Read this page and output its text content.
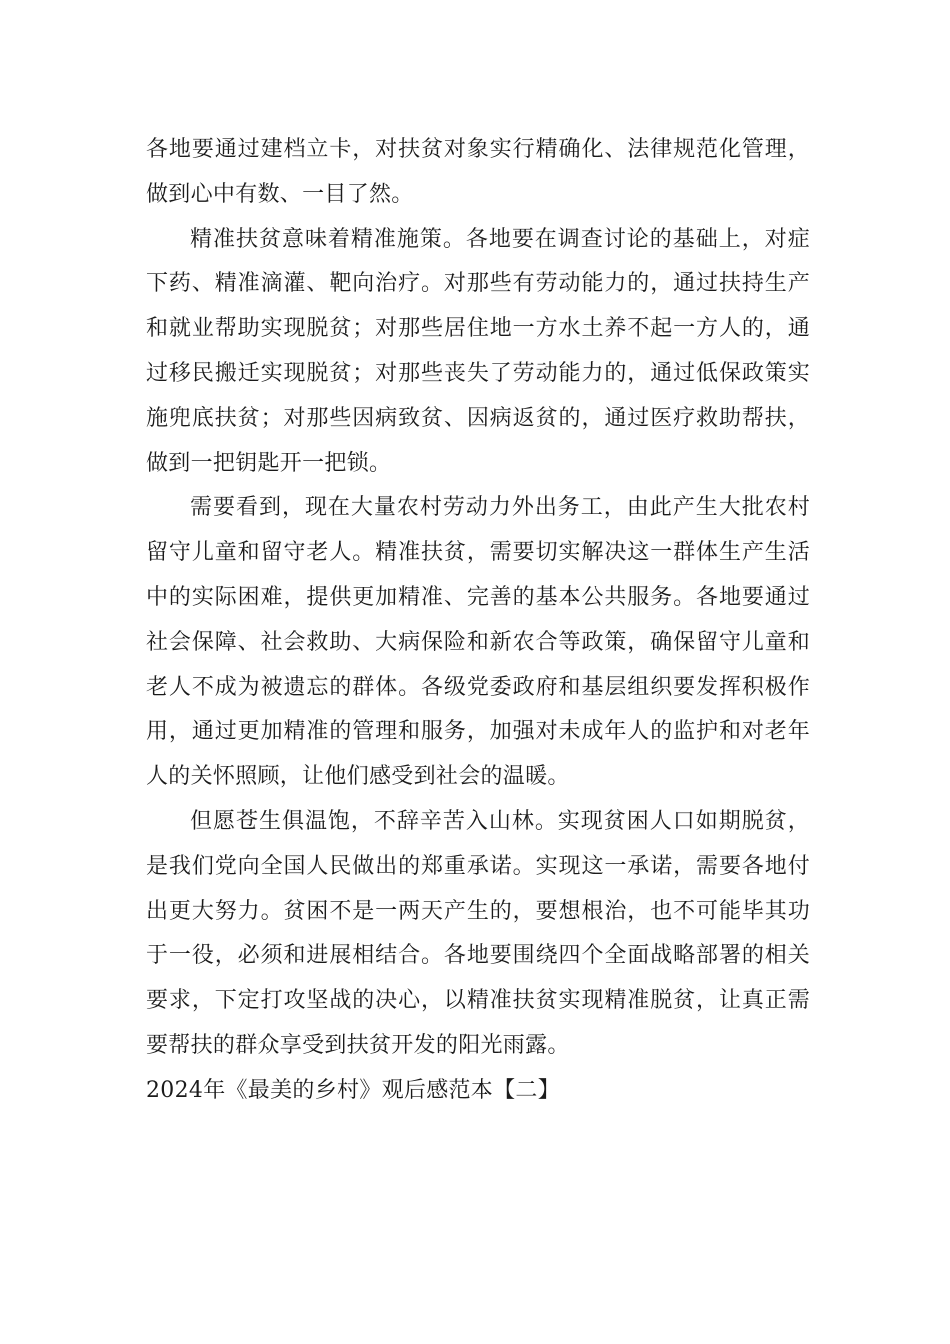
各地要通过建档立卡，对扶贫对象实行精确化、法律规范化管理，做到心中有数、一目了然。

精准扶贫意味着精准施策。各地要在调查讨论的基础上，对症下药、精准滴灌、靶向治疗。对那些有劳动能力的，通过扶持生产和就业帮助实现脱贫；对那些居住地一方水土养不起一方人的，通过移民搬迁实现脱贫；对那些丧失了劳动能力的，通过低保政策实施兜底扶贫；对那些因病致贫、因病返贫的，通过医疗救助帮扶，做到一把钥匙开一把锁。

需要看到，现在大量农村劳动力外出务工，由此产生大批农村留守儿童和留守老人。精准扶贫，需要切实解决这一群体生产生活中的实际困难，提供更加精准、完善的基本公共服务。各地要通过社会保障、社会救助、大病保险和新农合等政策，确保留守儿童和老人不成为被遗忘的群体。各级党委政府和基层组织要发挥积极作用，通过更加精准的管理和服务，加强对未成年人的监护和对老年人的关怀照顾，让他们感受到社会的温暖。

但愿苍生俱温饱，不辞辛苦入山林。实现贫困人口如期脱贫，是我们党向全国人民做出的郑重承诺。实现这一承诺，需要各地付出更大努力。贫困不是一两天产生的，要想根治，也不可能毕其功于一役，必须和进展相结合。各地要围绕四个全面战略部署的相关要求，下定打攻坚战的决心，以精准扶贫实现精准脱贫，让真正需要帮扶的群众享受到扶贫开发的阳光雨露。

2024年《最美的乡村》观后感范本【二】
